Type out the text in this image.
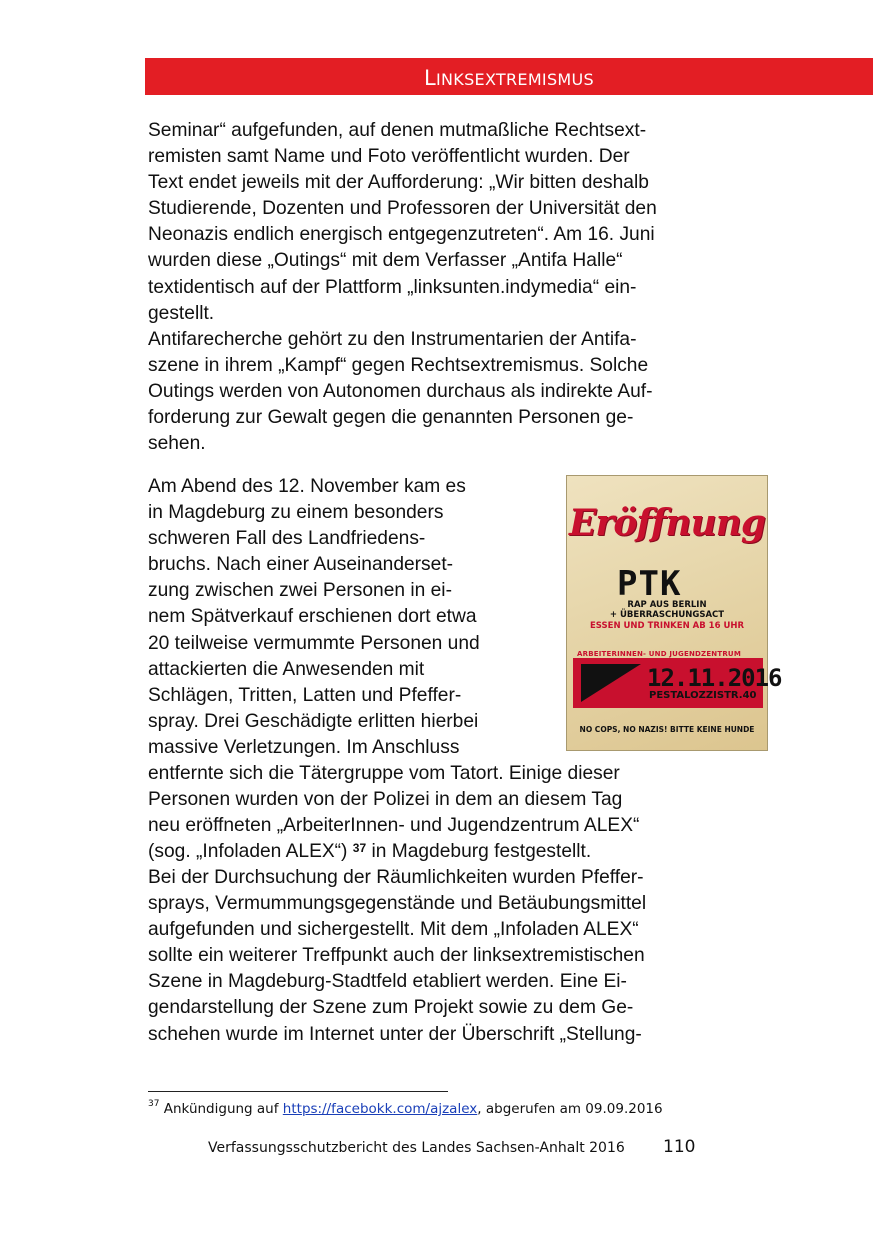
LINKSEXTREMISMUS
Seminar“ aufgefunden, auf denen mutmaßliche Rechtsext-
remisten samt Name und Foto veröffentlicht wurden. Der
Text endet jeweils mit der Aufforderung: „Wir bitten deshalb
Studierende, Dozenten und Professoren der Universität den
Neonazis endlich energisch entgegenzutreten“. Am 16. Juni
wurden diese „Outings“ mit dem Verfasser „Antifa Halle“
textidentisch auf der Plattform „linksunten.indymedia“ ein-
gestellt.
Antifarecherche gehört zu den Instrumentarien der Antifa-
szene in ihrem „Kampf“ gegen Rechtsextremismus. Solche
Outings werden von Autonomen durchaus als indirekte Auf-
forderung zur Gewalt gegen die genannten Personen ge-
sehen.
Am Abend des 12. November kam es
in Magdeburg zu einem besonders
schweren Fall des Landfriedens-
bruchs. Nach einer Auseinanderset-
zung zwischen zwei Personen in ei-
nem Spätverkauf erschienen dort etwa
20 teilweise vermummte Personen und
attackierten die Anwesenden mit
Schlägen, Tritten, Latten und Pfeffer-
spray. Drei Geschädigte erlitten hierbei
massive Verletzungen. Im Anschluss
entfernte sich die Tätergruppe vom Tatort. Einige dieser
Personen wurden von der Polizei in dem an diesem Tag
neu eröffneten „ArbeiterInnen- und Jugendzentrum ALEX“
(sog. „Infoladen ALEX“) $^{37}$ in Magdeburg festgestellt.
Bei der Durchsuchung der Räumlichkeiten wurden Pfeffer-
sprays, Vermummungsgegenstände und Betäubungsmittel
aufgefunden und sichergestellt. Mit dem „Infoladen ALEX“
sollte ein weiterer Treffpunkt auch der linksextremistischen
Szene in Magdeburg-Stadtfeld etabliert werden. Eine Ei-
gendarstellung der Szene zum Projekt sowie zu dem Ge-
schehen wurde im Internet unter der Überschrift „Stellung-
Eröffnung
PTK
RAP AUS BERLIN
+ ÜBERRASCHUNGSACT
ESSEN UND TRINKEN AB 16 UHR
ARBEITERINNEN- UND JUGENDZENTRUM ALEX
12.11.2016
PESTALOZZISTR.40
NO COPS, NO NAZIS! BITTE KEINE HUNDE
$^{37}$ Ankündigung auf https://facebokk.com/ajzalex, abgerufen am 09.09.2016
Verfassungsschutzbericht des Landes Sachsen-Anhalt 2016 110
